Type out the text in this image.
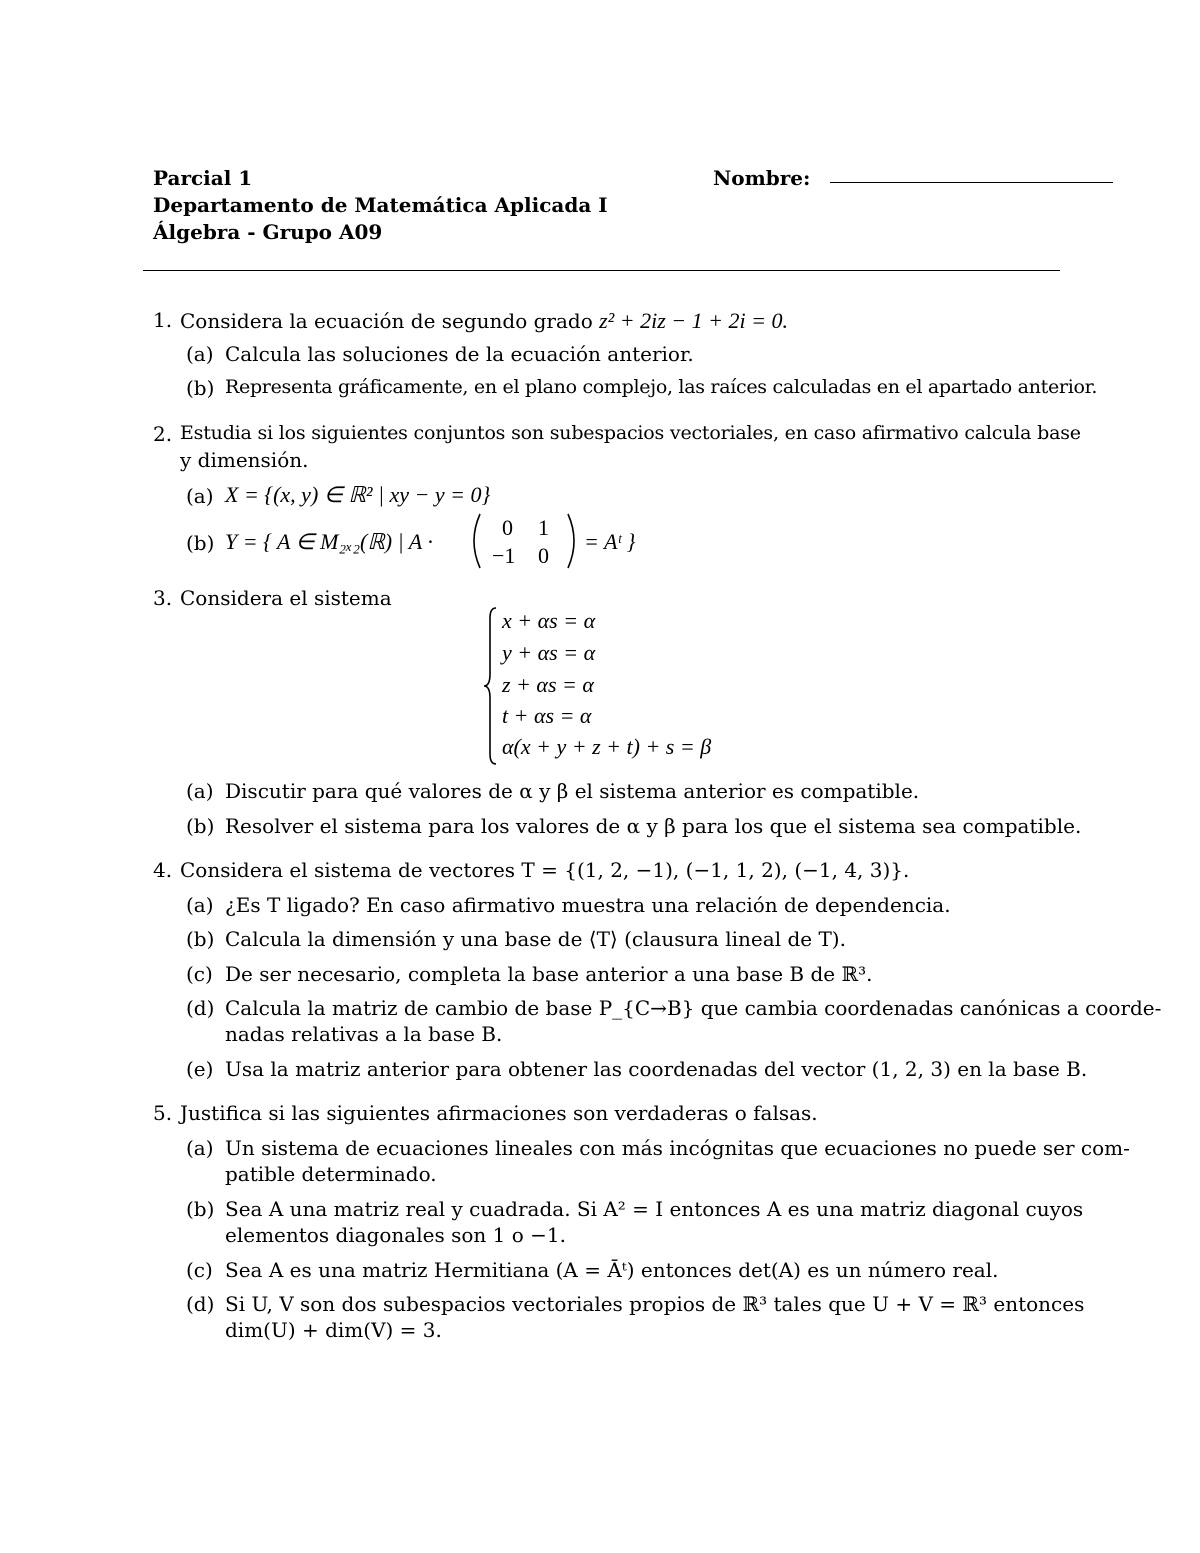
Parcial 1
Departamento de Matemática Aplicada I
Álgebra - Grupo A09
Nombre:
1. Considera la ecuación de segundo grado z² + 2iz − 1 + 2i = 0.
(a) Calcula las soluciones de la ecuación anterior.
(b) Representa gráficamente, en el plano complejo, las raíces calculadas en el apartado anterior.
2. Estudia si los siguientes conjuntos son subespacios vectoriales, en caso afirmativo calcula base
y dimensión.
(a) X = {(x, y) ∈ ℝ² | xy − y = 0}
(b) Y = { A ∈ M₂ₓ₂(ℝ) | A ·
0 1
−1 0
= Aᵗ }
3. Considera el sistema
x + αs = α
y + αs = α
z + αs = α
t + αs = α
α(x + y + z + t) + s = β
(a) Discutir para qué valores de α y β el sistema anterior es compatible.
(b) Resolver el sistema para los valores de α y β para los que el sistema sea compatible.
4. Considera el sistema de vectores T = {(1, 2, −1), (−1, 1, 2), (−1, 4, 3)}.
(a) ¿Es T ligado? En caso afirmativo muestra una relación de dependencia.
(b) Calcula la dimensión y una base de ⟨T⟩ (clausura lineal de T).
(c) De ser necesario, completa la base anterior a una base B de ℝ³.
(d) Calcula la matriz de cambio de base P_{C→B} que cambia coordenadas canónicas a coorde-
nadas relativas a la base B.
(e) Usa la matriz anterior para obtener las coordenadas del vector (1, 2, 3) en la base B.
5. Justifica si las siguientes afirmaciones son verdaderas o falsas.
(a) Un sistema de ecuaciones lineales con más incógnitas que ecuaciones no puede ser com-
patible determinado.
(b) Sea A una matriz real y cuadrada. Si A² = I entonces A es una matriz diagonal cuyos
elementos diagonales son 1 o −1.
(c) Sea A es una matriz Hermitiana (A = Āᵗ) entonces det(A) es un número real.
(d) Si U, V son dos subespacios vectoriales propios de ℝ³ tales que U + V = ℝ³ entonces
dim(U) + dim(V) = 3.
